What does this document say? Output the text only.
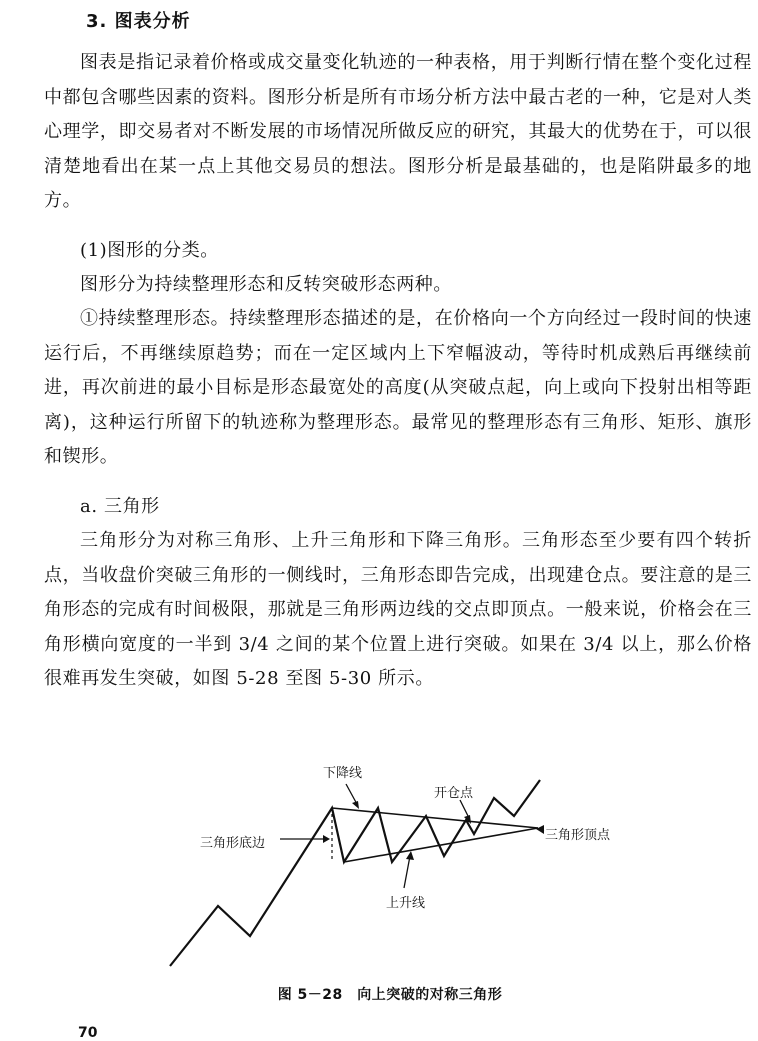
3. 图表分析

图表是指记录着价格或成交量变化轨迹的一种表格，用于判断行情在整个变化过程中都包含哪些因素的资料。图形分析是所有市场分析方法中最古老的一种，它是对人类心理学，即交易者对不断发展的市场情况所做反应的研究，其最大的优势在于，可以很清楚地看出在某一点上其他交易员的想法。图形分析是最基础的，也是陷阱最多的地方。

(1)图形的分类。

图形分为持续整理形态和反转突破形态两种。

①持续整理形态。持续整理形态描述的是，在价格向一个方向经过一段时间的快速运行后，不再继续原趋势；而在一定区域内上下窄幅波动，等待时机成熟后再继续前进，再次前进的最小目标是形态最宽处的高度(从突破点起，向上或向下投射出相等距离)，这种运行所留下的轨迹称为整理形态。最常见的整理形态有三角形、矩形、旗形和锲形。

a. 三角形

三角形分为对称三角形、上升三角形和下降三角形。三角形态至少要有四个转折点，当收盘价突破三角形的一侧线时，三角形态即告完成，出现建仓点。要注意的是三角形态的完成有时间极限，那就是三角形两边线的交点即顶点。一般来说，价格会在三角形横向宽度的一半到 3/4 之间的某个位置上进行突破。如果在 3/4 以上，那么价格很难再发生突破，如图 5-28 至图 5-30 所示。

下降线
开仓点
三角形底边
三角形顶点
上升线
图 5－28　向上突破的对称三角形
70
